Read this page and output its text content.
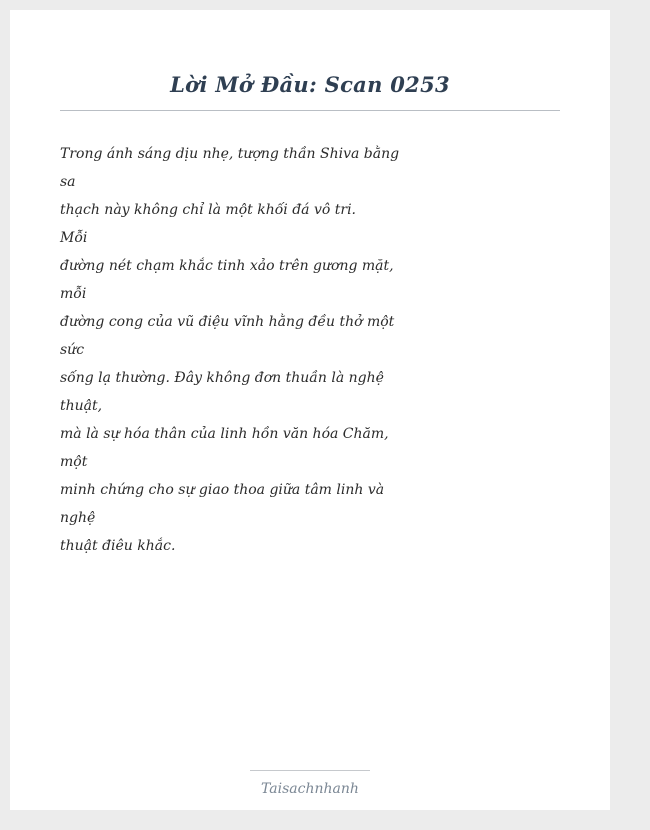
Lời Mở Đầu: Scan 0253
Trong ánh sáng dịu nhẹ, tượng thần Shiva bằng
sa
thạch này không chỉ là một khối đá vô tri.
Mỗi
đường nét chạm khắc tinh xảo trên gương mặt,
mỗi
đường cong của vũ điệu vĩnh hằng đều thở một
sức
sống lạ thường. Đây không đơn thuần là nghệ
thuật,
mà là sự hóa thân của linh hồn văn hóa Chăm,
một
minh chứng cho sự giao thoa giữa tâm linh và
nghệ
thuật điêu khắc.
Taisachnhanh
